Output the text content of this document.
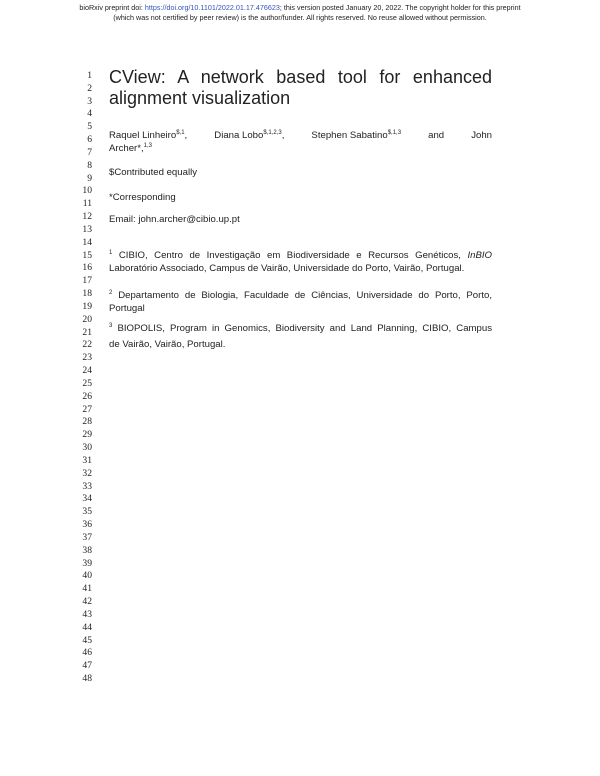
bioRxiv preprint doi: https://doi.org/10.1101/2022.01.17.476623; this version posted January 20, 2022. The copyright holder for this preprint
(which was not certified by peer review) is the author/funder. All rights reserved. No reuse allowed without permission.
1
2
3
4
5
6
7
8
9
10
11
12
13
14
15
16
17
18
19
20
21
22
23
24
25
26
27
28
29
30
31
32
33
34
35
36
37
38
39
40
41
42
43
44
45
46
47
48
CView: A network based tool for enhanced
alignment visualization
Raquel Linheiro$^{\$,1}$,	Diana Lobo$^{\$,1,2,3}$,	Stephen Sabatino$^{\$,1,3}$	and	John
Archer*,$^{1,3}$
$Contributed equally
*Corresponding
Email: john.archer@cibio.up.pt
$^1$ CIBIO, Centro de Investigação em Biodiversidade e Recursos Genéticos, InBIO
Laboratório Associado, Campus de Vairão, Universidade do Porto, Vairão, Portugal.
$^2$ Departamento de Biologia, Faculdade de Ciências, Universidade do Porto, Porto,
Portugal
$^3$ BIOPOLIS, Program in Genomics, Biodiversity and Land Planning, CIBIO, Campus
de Vairão, Vairão, Portugal.
